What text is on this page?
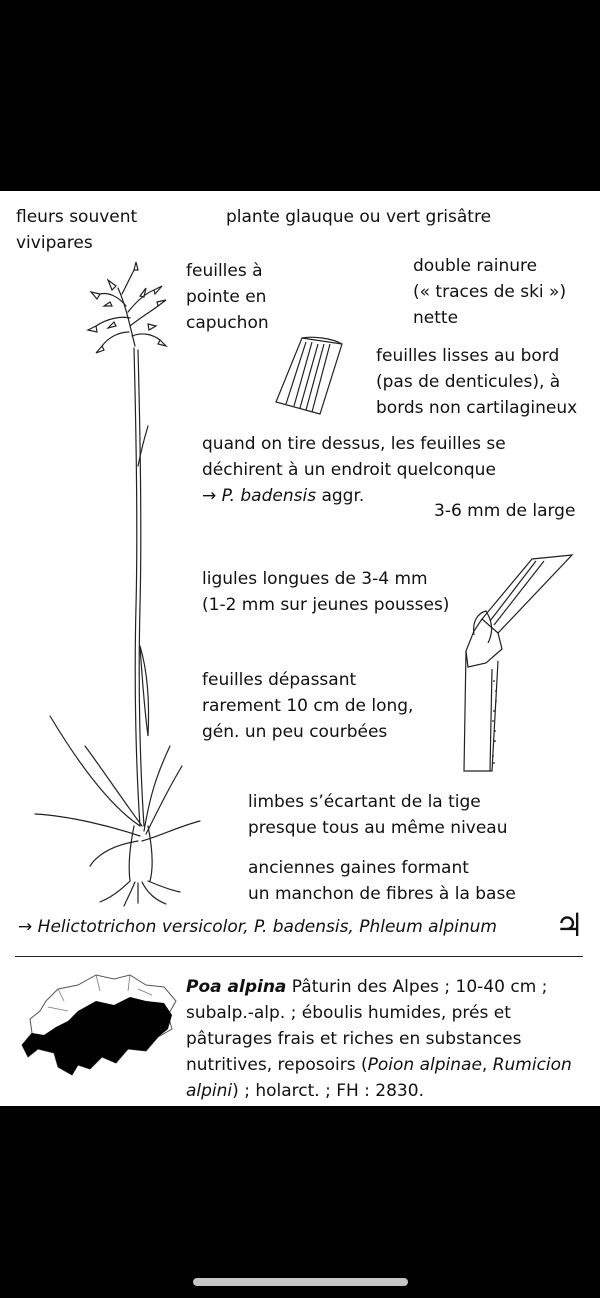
fleurs souvent
vivipares
plante glauque ou vert grisâtre
feuilles à
pointe en
capuchon
double rainure
(« traces de ski »)
nette
feuilles lisses au bord
(pas de denticules), à
bords non cartilagineux
quand on tire dessus, les feuilles se
déchirent à un endroit quelconque
→ P. badensis aggr.
3-6 mm de large
ligules longues de 3-4 mm
(1-2 mm sur jeunes pousses)
feuilles dépassant
rarement 10 cm de long,
gén. un peu courbées
limbes s’écartant de la tige
presque tous au même niveau
anciennes gaines formant
un manchon de fibres à la base
→ Helictotrichon versicolor, P. badensis, Phleum alpinum ♃
Poa alpina Pâturin des Alpes ; 10-40 cm ;
subalp.-alp. ; éboulis humides, prés et
pâturages frais et riches en substances
nutritives, reposoirs (Poion alpinae, Rumicion
alpini) ; holarct. ; FH : 2830.
